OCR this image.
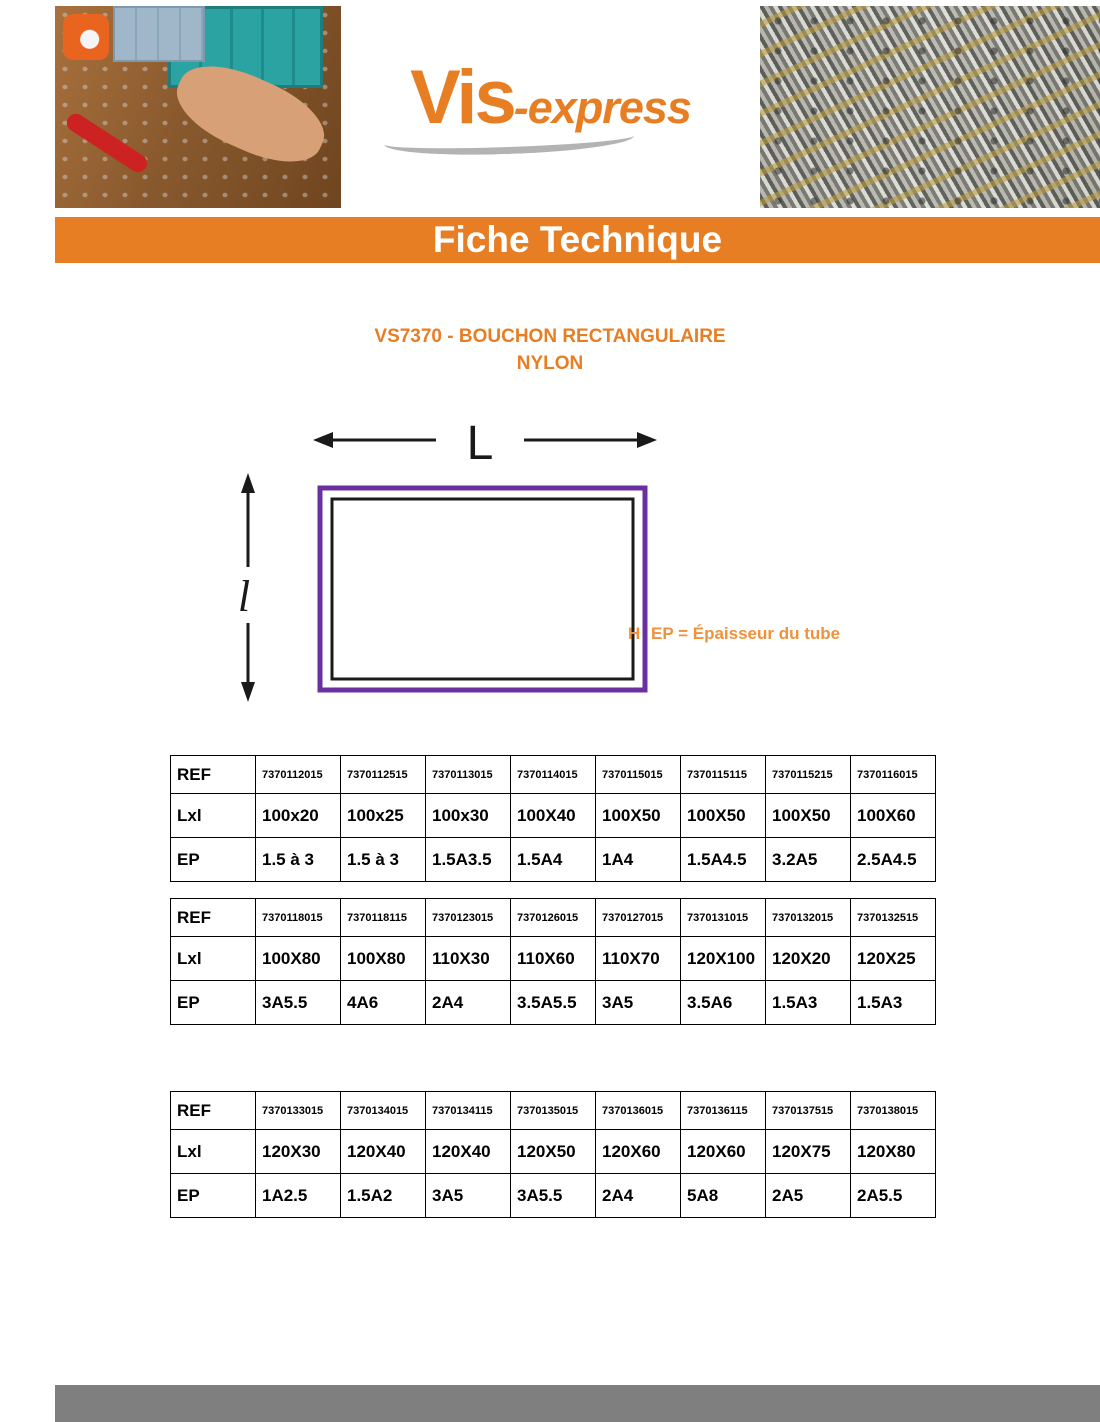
Vis-express
Fiche Technique
VS7370 - BOUCHON RECTANGULAIRE
NYLON
L
l
H EP = Épaisseur du tube
REF	7370112015	7370112515	7370113015	7370114015	7370115015	7370115115	7370115215	7370116015
Lxl	100x20	100x25	100x30	100X40	100X50	100X50	100X50	100X60
EP	1.5 à 3	1.5 à 3	1.5A3.5	1.5A4	1A4	1.5A4.5	3.2A5	2.5A4.5
REF	7370118015	7370118115	7370123015	7370126015	7370127015	7370131015	7370132015	7370132515
Lxl	100X80	100X80	110X30	110X60	110X70	120X100	120X20	120X25
EP	3A5.5	4A6	2A4	3.5A5.5	3A5	3.5A6	1.5A3	1.5A3
REF	7370133015	7370134015	7370134115	7370135015	7370136015	7370136115	7370137515	7370138015
Lxl	120X30	120X40	120X40	120X50	120X60	120X60	120X75	120X80
EP	1A2.5	1.5A2	3A5	3A5.5	2A4	5A8	2A5	2A5.5
